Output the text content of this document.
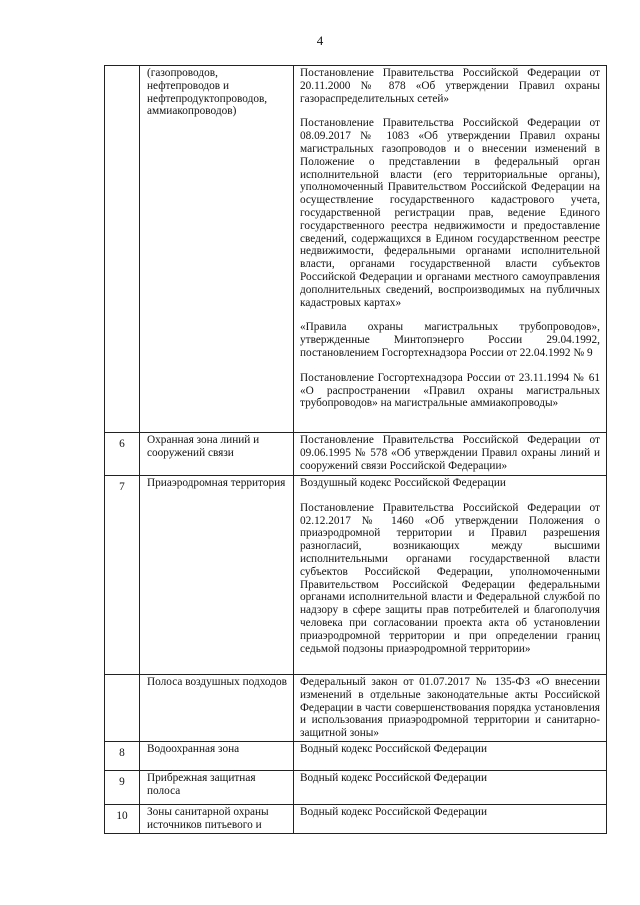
4
	(газопроводов, нефтепроводов и нефтепродуктопроводов, аммиакопроводов)	Постановление Правительства Российской Федерации от 20.11.2000 № 878 «Об утверждении Правил охраны газораспределительных сетей»
Постановление Правительства Российской Федерации от 08.09.2017 № 1083 «Об утверждении Правил охраны магистральных газопроводов и о внесении изменений в Положение о представлении в федеральный орган исполнительной власти (его территориальные органы), уполномоченный Правительством Российской Федерации на осуществление государственного кадастрового учета, государственной регистрации прав, ведение Единого государственного реестра недвижимости и предоставление сведений, содержащихся в Едином государственном реестре недвижимости, федеральными органами исполнительной власти, органами государственной власти субъектов Российской Федерации и органами местного самоуправления дополнительных сведений, воспроизводимых на публичных кадастровых картах»
«Правила охраны магистральных трубопроводов», утвержденные Минтопэнерго России 29.04.1992, постановлением Госгортехнадзора России от 22.04.1992 № 9
Постановление Госгортехнадзора России от 23.11.1994 № 61 «О распространении «Правил охраны магистральных трубопроводов» на магистральные аммиакопроводы»

6	Охранная зона линий и сооружений связи	Постановление Правительства Российской Федерации от 09.06.1995 № 578 «Об утверждении Правил охраны линий и сооружений связи Российской Федерации»

7	Приаэродромная территория	Воздушный кодекс Российской Федерации
Постановление Правительства Российской Федерации от 02.12.2017 № 1460 «Об утверждении Положения о приаэродромной территории и Правил разрешения разногласий, возникающих между высшими исполнительными органами государственной власти субъектов Российской Федерации, уполномоченными Правительством Российской Федерации федеральными органами исполнительной власти и Федеральной службой по надзору в сфере защиты прав потребителей и благополучия человека при согласовании проекта акта об установлении приаэродромной территории и при определении границ седьмой подзоны приаэродромной территории»

	Полоса воздушных подходов	Федеральный закон от 01.07.2017 № 135-ФЗ «О внесении изменений в отдельные законодательные акты Российской Федерации в части совершенствования порядка установления и использования приаэродромной территории и санитарно-защитной зоны»

8	Водоохранная зона	Водный кодекс Российской Федерации

9	Прибрежная защитная полоса	Водный кодекс Российской Федерации

10	Зоны санитарной охраны источников питьевого и	Водный кодекс Российской Федерации
